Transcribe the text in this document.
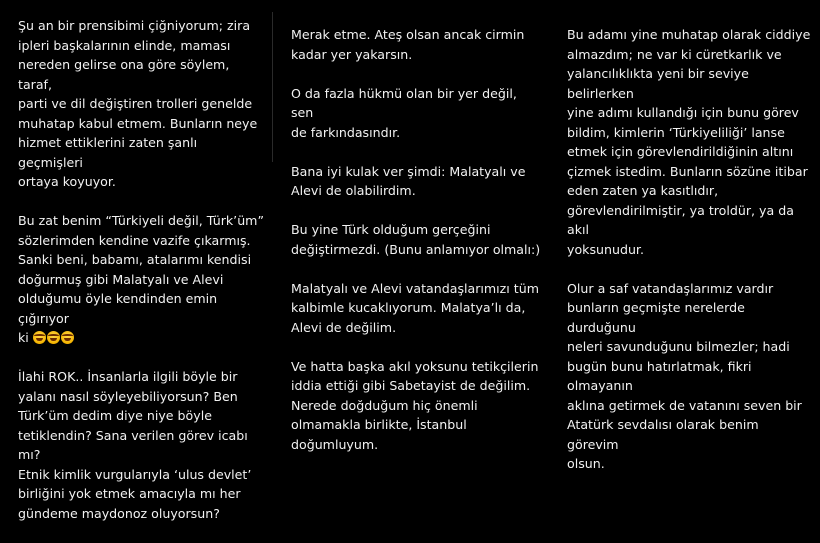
Şu an bir prensibimi çiğniyorum; zira
ipleri başkalarının elinde, maması
nereden gelirse ona göre söylem, taraf,
parti ve dil değiştiren trolleri genelde
muhatap kabul etmem. Bunların neye
hizmet ettiklerini zaten şanlı geçmişleri
ortaya koyuyor.

Bu zat benim “Türkiyeli değil, Türk’üm”
sözlerimden kendine vazife çıkarmış.
Sanki beni, babamı, atalarımı kendisi
doğurmuş gibi Malatyalı ve Alevi
olduğumu öyle kendinden emin çığırıyor
ki

İlahi ROK.. İnsanlarla ilgili böyle bir
yalanı nasıl söyleyebiliyorsun? Ben
Türk’üm dedim diye niye böyle
tetiklendin? Sana verilen görev icabı mı?
Etnik kimlik vurgularıyla ‘ulus devlet’
birliğini yok etmek amacıyla mı her
gündeme maydonoz oluyorsun?

Merak etme. Ateş olsan ancak cirmin
kadar yer yakarsın.

O da fazla hükmü olan bir yer değil, sen
de farkındasındır.

Bana iyi kulak ver şimdi: Malatyalı ve
Alevi de olabilirdim.

Bu yine Türk olduğum gerçeğini
değiştirmezdi. (Bunu anlamıyor olmalı:)

Malatyalı ve Alevi vatandaşlarımızı tüm
kalbimle kucaklıyorum. Malatya’lı da,
Alevi de değilim.

Ve hatta başka akıl yoksunu tetikçilerin
iddia ettiği gibi Sabetayist de değilim.
Nerede doğduğum hiç önemli
olmamakla birlikte, İstanbul
doğumluyum.

Bu adamı yine muhatap olarak ciddiye
almazdım; ne var ki cüretkarlık ve
yalancılıklıkta yeni bir seviye belirlerken
yine adımı kullandığı için bunu görev
bildim, kimlerin ‘Türkiyeliliği’ lanse
etmek için görevlendirildiğinin altını
çizmek istedim. Bunların sözüne itibar
eden zaten ya kasıtlıdır,
görevlendirilmiştir, ya troldür, ya da akıl
yoksunudur.

Olur a saf vatandaşlarımız vardır
bunların geçmişte nerelerde durduğunu
neleri savunduğunu bilmezler; hadi
bugün bunu hatırlatmak, fikri olmayanın
aklına getirmek de vatanını seven bir
Atatürk sevdalısı olarak benim görevim
olsun.
